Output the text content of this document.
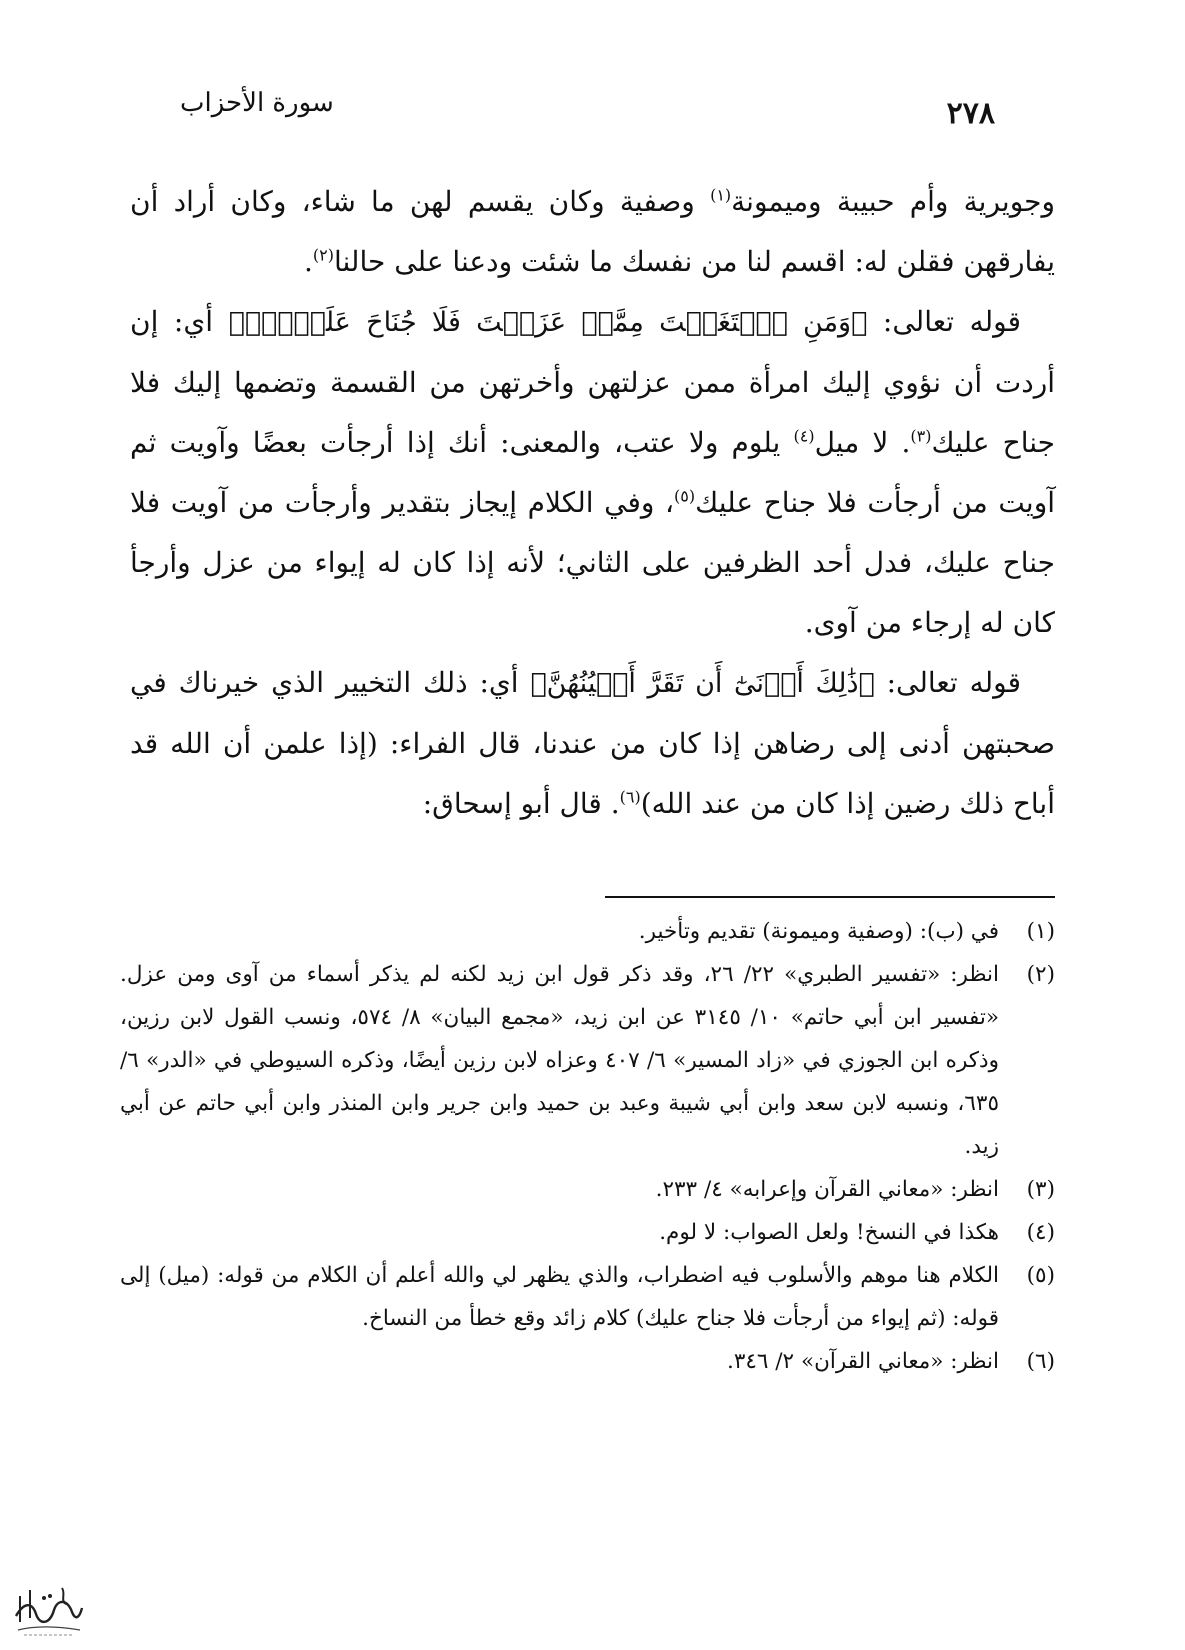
٢٧٨
سورة الأحزاب

وجويرية وأم حبيبة وميمونة$^{(١)}$ وصفية وكان يقسم لهن ما شاء، وكان أراد أن يفارقهن فقلن له: اقسم لنا من نفسك ما شئت ودعنا على حالنا$^{(٢)}$.

قوله تعالى: ﴿وَمَنِ ٱبۡتَغَيۡتَ مِمَّنۡ عَزَلۡتَ فَلَا جُنَاحَ عَلَيۡكَۚ﴾ أي: إن أردت أن نؤوي إليك امرأة ممن عزلتهن وأخرتهن من القسمة وتضمها إليك فلا جناح عليك$^{(٣)}$. لا ميل$^{(٤)}$ يلوم ولا عتب، والمعنى: أنك إذا أرجأت بعضًا وآويت ثم آويت من أرجأت فلا جناح عليك$^{(٥)}$، وفي الكلام إيجاز بتقدير وأرجأت من آويت فلا جناح عليك، فدل أحد الظرفين على الثاني؛ لأنه إذا كان له إيواء من عزل وأرجأ كان له إرجاء من آوى.

قوله تعالى: ﴿ذَٰلِكَ أَدۡنَىٰٓ أَن تَقَرَّ أَعۡيُنُهُنَّ﴾ أي: ذلك التخيير الذي خيرناك في صحبتهن أدنى إلى رضاهن إذا كان من عندنا، قال الفراء: (إذا علمن أن الله قد أباح ذلك رضين إذا كان من عند الله)$^{(٦)}$. قال أبو إسحاق:

(١)
في (ب): (وصفية وميمونة) تقديم وتأخير.
(٢)
انظر: «تفسير الطبري» ٢٢/ ٢٦، وقد ذكر قول ابن زيد لكنه لم يذكر أسماء من آوى ومن عزل. «تفسير ابن أبي حاتم» ١٠/ ٣١٤٥ عن ابن زيد، «مجمع البيان» ٨/ ٥٧٤، ونسب القول لابن رزين، وذكره ابن الجوزي في «زاد المسير» ٦/ ٤٠٧ وعزاه لابن رزين أيضًا، وذكره السيوطي في «الدر» ٦/ ٦٣٥، ونسبه لابن سعد وابن أبي شيبة وعبد بن حميد وابن جرير وابن المنذر وابن أبي حاتم عن أبي زيد.
(٣)
انظر: «معاني القرآن وإعرابه» ٤/ ٢٣٣.
(٤)
هكذا في النسخ! ولعل الصواب: لا لوم.
(٥)
الكلام هنا موهم والأسلوب فيه اضطراب، والذي يظهر لي والله أعلم أن الكلام من قوله: (ميل) إلى قوله: (ثم إيواء من أرجأت فلا جناح عليك) كلام زائد وقع خطأ من النساخ.
(٦)
انظر: «معاني القرآن» ٢/ ٣٤٦.
